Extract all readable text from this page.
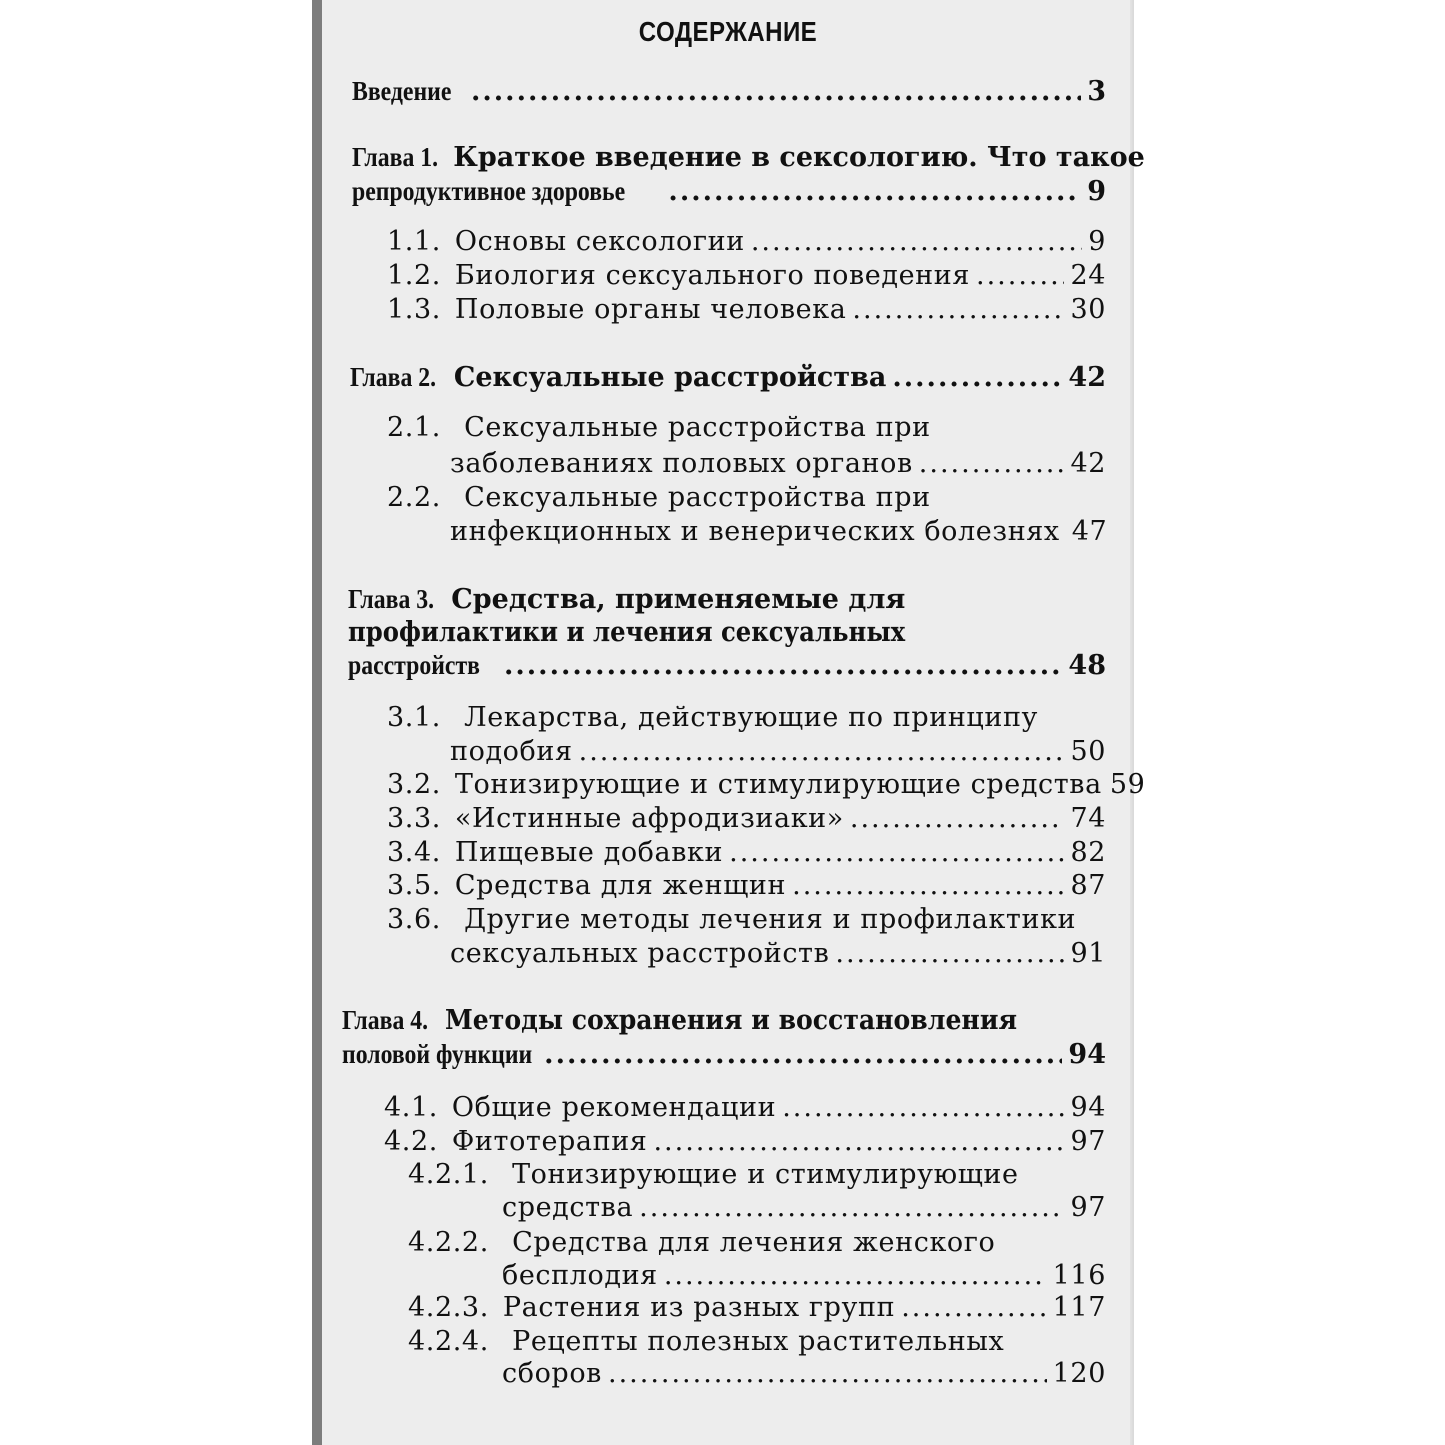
СОДЕРЖАНИЕ
Введение .....	3
Глава 1. Краткое введение в сексологию. Что такое
репродуктивное здоровье .....	9
1.1. Основы сексологии .....	9
1.2. Биология сексуального поведения .....	24
1.3. Половые органы человека .....	30
Глава 2. Сексуальные расстройства .....	42
2.1. Сексуальные расстройства при
заболеваниях половых органов .....	42
2.2. Сексуальные расстройства при
инфекционных и венерических болезнях 47
Глава 3. Средства, применяемые для
профилактики и лечения сексуальных
расстройств .....	48
3.1. Лекарства, действующие по принципу
подобия .....	50
3.2. Тонизирующие и стимулирующие средства 59
3.3. «Истинные афродизиаки» .....	74
3.4. Пищевые добавки .....	82
3.5. Средства для женщин .....	87
3.6. Другие методы лечения и профилактики
сексуальных расстройств .....	91
Глава 4. Методы сохранения и восстановления
половой функции .....	94
4.1. Общие рекомендации .....	94
4.2. Фитотерапия .....	97
4.2.1. Тонизирующие и стимулирующие
средства .....	97
4.2.2. Средства для лечения женского
бесплодия .....	116
4.2.3. Растения из разных групп .....	117
4.2.4. Рецепты полезных растительных
сборов .....	120
